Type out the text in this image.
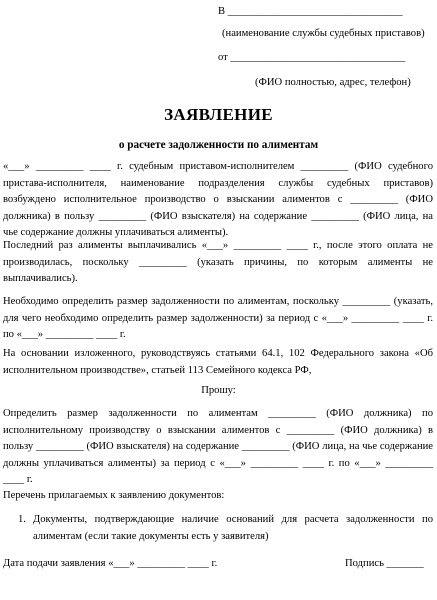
В _________________________________
(наименование службы судебных приставов)
от _________________________________
(ФИО полностью, адрес, телефон)
ЗАЯВЛЕНИЕ
о расчете задолженности по алиментам
«___» _________ ____ г. судебным приставом-исполнителем _________ (ФИО судебного пристава-исполнителя, наименование подразделения службы судебных приставов) возбуждено исполнительное производство о взыскании алиментов с _________ (ФИО должника) в пользу _________ (ФИО взыскателя) на содержание _________ (ФИО лица, на чье содержание должны уплачиваться алименты).
Последний раз алименты выплачивались «___» _________ ____ г., после этого оплата не производилась, поскольку _________ (указать причины, по которым алименты не выплачивались).
Необходимо определить размер задолженности по алиментам, поскольку _________ (указать, для чего необходимо определить размер задолженности) за период с «___» _________ ____ г. по «___» _________ ____ г.
На основании изложенного, руководствуясь статьями 64.1, 102 Федерального закона «Об исполнительном производстве», статьей 113 Семейного кодекса РФ,
Прошу:
Определить размер задолженности по алиментам _________ (ФИО должника) по исполнительному производству о взыскании алиментов с _________ (ФИО должника) в пользу _________ (ФИО взыскателя) на содержание _________ (ФИО лица, на чье содержание должны уплачиваться алименты) за период с «___» _________ ____ г. по «___» _________ ____ г.
Перечень прилагаемых к заявлению документов:
1. Документы, подтверждающие наличие оснований для расчета задолженности по алиментам (если такие документы есть у заявителя)
Дата подачи заявления «___» _________ ____ г.	Подпись _______
